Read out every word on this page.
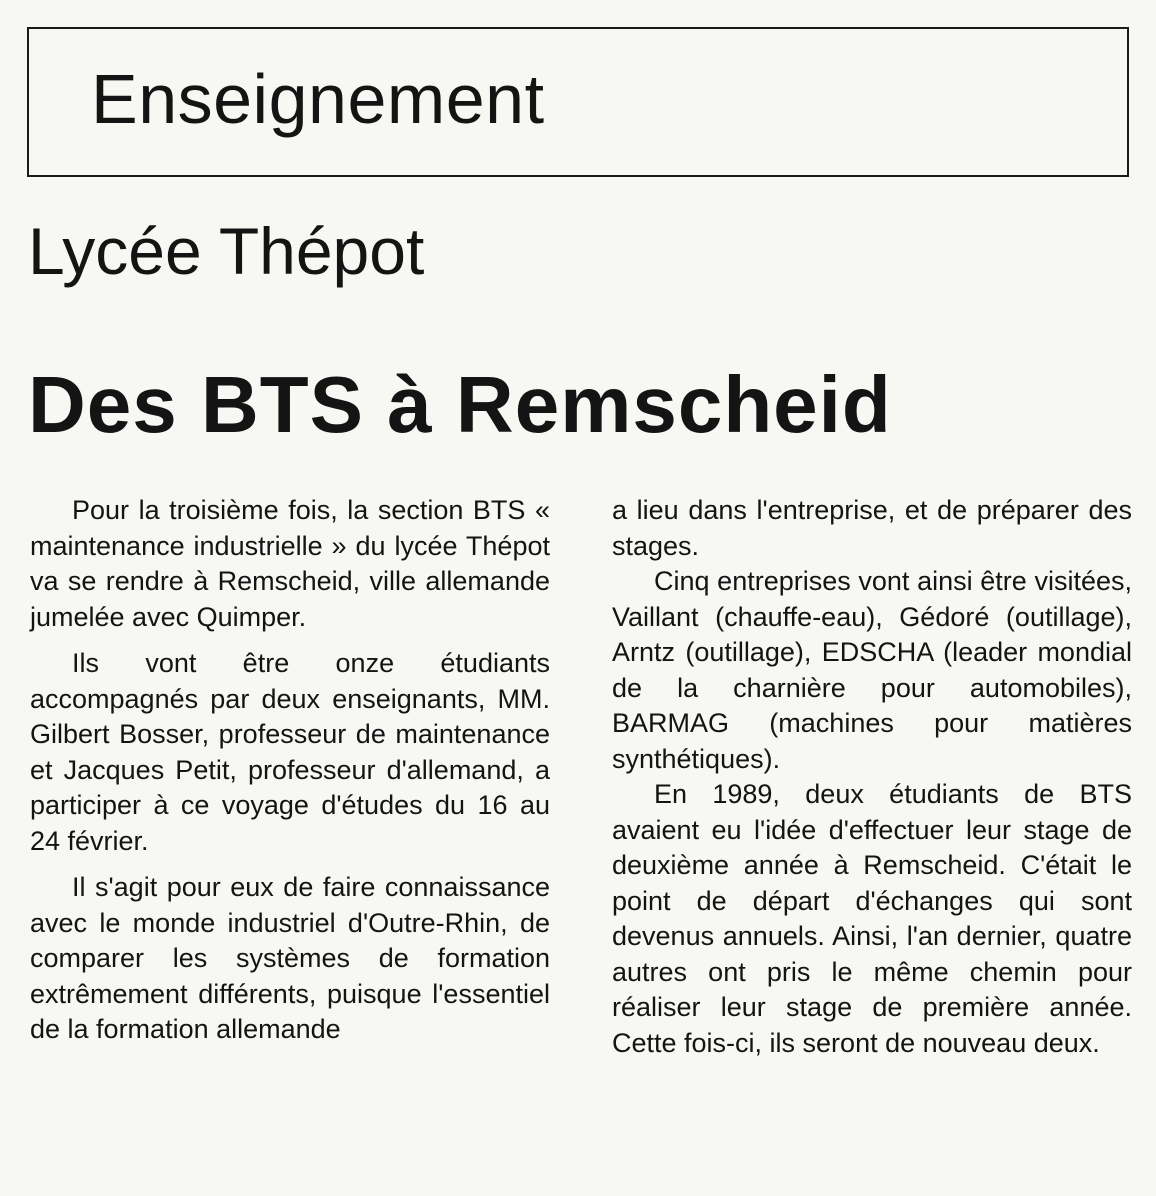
Enseignement
Lycée Thépot
Des BTS à Remscheid

Pour la troisième fois, la section BTS « maintenance industrielle » du lycée Thépot va se rendre à Remscheid, ville allemande jumelée avec Quimper.

Ils vont être onze étudiants accompagnés par deux enseignants, MM. Gilbert Bosser, professeur de maintenance et Jacques Petit, professeur d'allemand, a participer à ce voyage d'études du 16 au 24 février.

Il s'agit pour eux de faire connaissance avec le monde industriel d'Outre-Rhin, de comparer les systèmes de formation extrêmement différents, puisque l'essentiel de la formation allemande

a lieu dans l'entreprise, et de préparer des stages.

Cinq entreprises vont ainsi être visitées, Vaillant (chauffe-eau), Gédoré (outillage), Arntz (outillage), EDSCHA (leader mondial de la charnière pour automobiles), BARMAG (machines pour matières synthétiques).

En 1989, deux étudiants de BTS avaient eu l'idée d'effectuer leur stage de deuxième année à Remscheid. C'était le point de départ d'échanges qui sont devenus annuels. Ainsi, l'an dernier, quatre autres ont pris le même chemin pour réaliser leur stage de première année. Cette fois-ci, ils seront de nouveau deux.
